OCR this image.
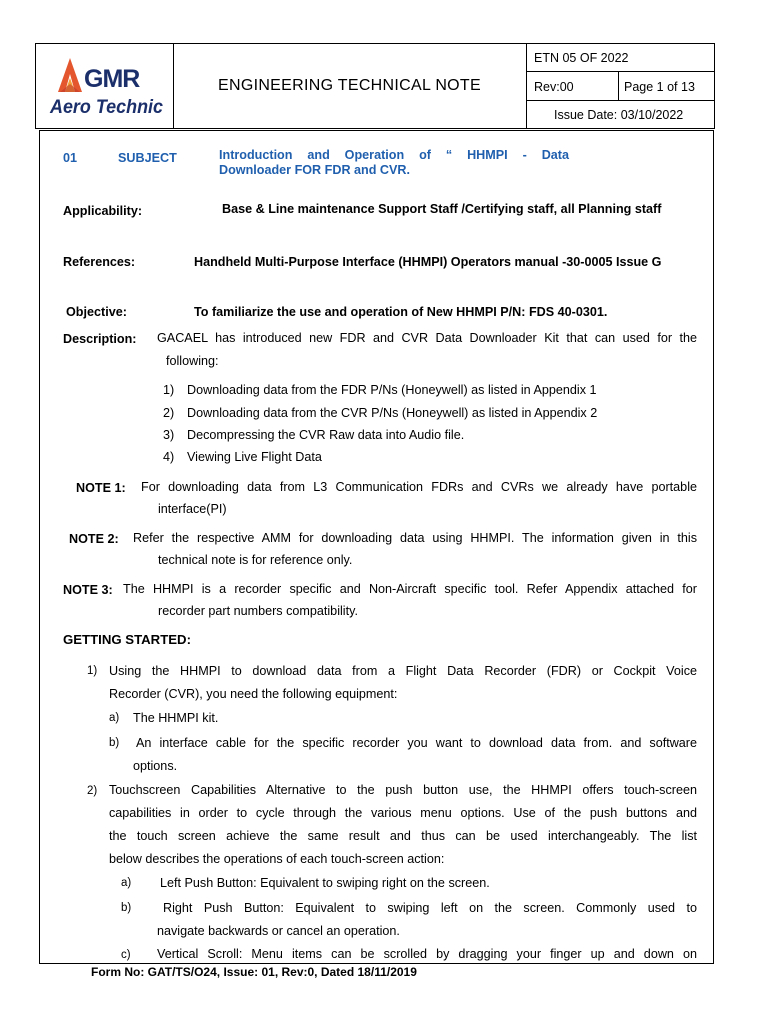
GMR
Aero Technic
ENGINEERING TECHNICAL NOTE
ETN 05 OF 2022
Rev:00	Page 1 of 13
Issue Date: 03/10/2022
01	SUBJECT	Introduction and Operation of “ HHMPI - Data
Downloader FOR FDR and CVR.
Applicability:	Base & Line maintenance Support Staff /Certifying staff, all Planning staff
References:	Handheld Multi-Purpose Interface (HHMPI) Operators manual -30-0005 Issue G
Objective:	To familiarize the use and operation of New HHMPI P/N: FDS 40-0301.
Description: GACAEL has introduced new FDR and CVR Data Downloader Kit that can used for the
following:
1) Downloading data from the FDR P/Ns (Honeywell) as listed in Appendix 1
2) Downloading data from the CVR P/Ns (Honeywell) as listed in Appendix 2
3) Decompressing the CVR Raw data into Audio file.
4) Viewing Live Flight Data
NOTE 1: For downloading data from L3 Communication FDRs and CVRs we already have portable
interface(PI)
NOTE 2: Refer the respective AMM for downloading data using HHMPI. The information given in this
technical note is for reference only.
NOTE 3: The HHMPI is a recorder specific and Non-Aircraft specific tool. Refer Appendix attached for
recorder part numbers compatibility.
GETTING STARTED:
1) Using the HHMPI to download data from a Flight Data Recorder (FDR) or Cockpit Voice
Recorder (CVR), you need the following equipment:
a) The HHMPI kit.
b) An interface cable for the specific recorder you want to download data from. and software
options.
2) Touchscreen Capabilities Alternative to the push button use, the HHMPI offers touch-screen
capabilities in order to cycle through the various menu options. Use of the push buttons and
the touch screen achieve the same result and thus can be used interchangeably. The list
below describes the operations of each touch-screen action:
a) Left Push Button: Equivalent to swiping right on the screen.
b)	Right Push Button: Equivalent to swiping left on the screen. Commonly used to
navigate backwards or cancel an operation.
c) Vertical Scroll: Menu items can be scrolled by dragging your finger up and down on
Form No: GAT/TS/O24, Issue: 01, Rev:0, Dated 18/11/2019
